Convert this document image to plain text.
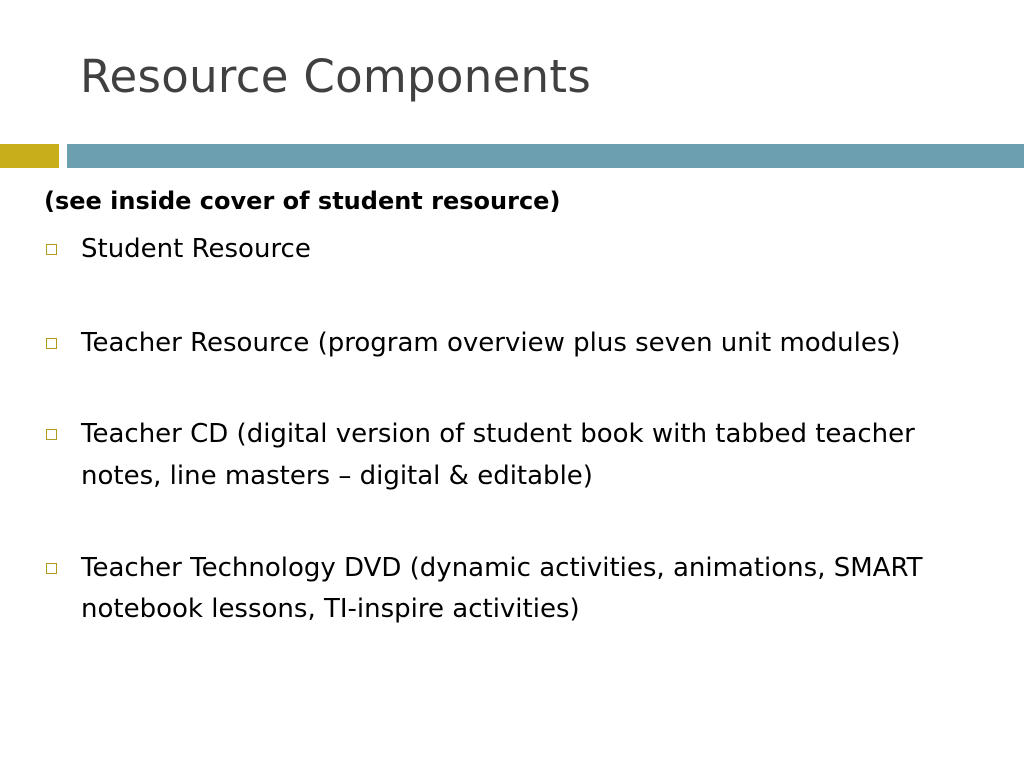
Resource Components

(see inside cover of student resource)

Student Resource
Teacher Resource (program overview plus seven unit modules)
Teacher CD (digital version of student book with tabbed teacher notes, line masters – digital & editable)
Teacher Technology DVD (dynamic activities, animations, SMART notebook lessons, TI-inspire activities)
